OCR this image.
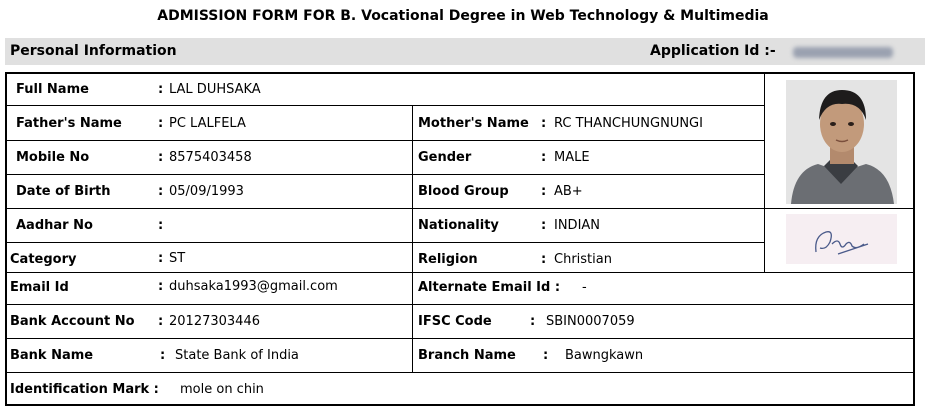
ADMISSION FORM FOR B. Vocational Degree in Web Technology & Multimedia
Personal Information	Application Id :-
Full Name	: LAL DUHSAKA
Father's Name	: PC LALFELA	Mother's Name : RC THANCHUNGNUNGI
Mobile No	: 8575403458	Gender	: MALE
Date of Birth	: 05/09/1993	Blood Group : AB+
Aadhar No	:	Nationality	: INDIAN
Category	: ST	Religion	: Christian
Email Id	: duhsaka1993@gmail.com	Alternate Email Id : -
Bank Account No : 20127303446	IFSC Code	: SBIN0007059
Bank Name	: State Bank of India	Branch Name : Bawngkawn
Identification Mark : mole on chin
